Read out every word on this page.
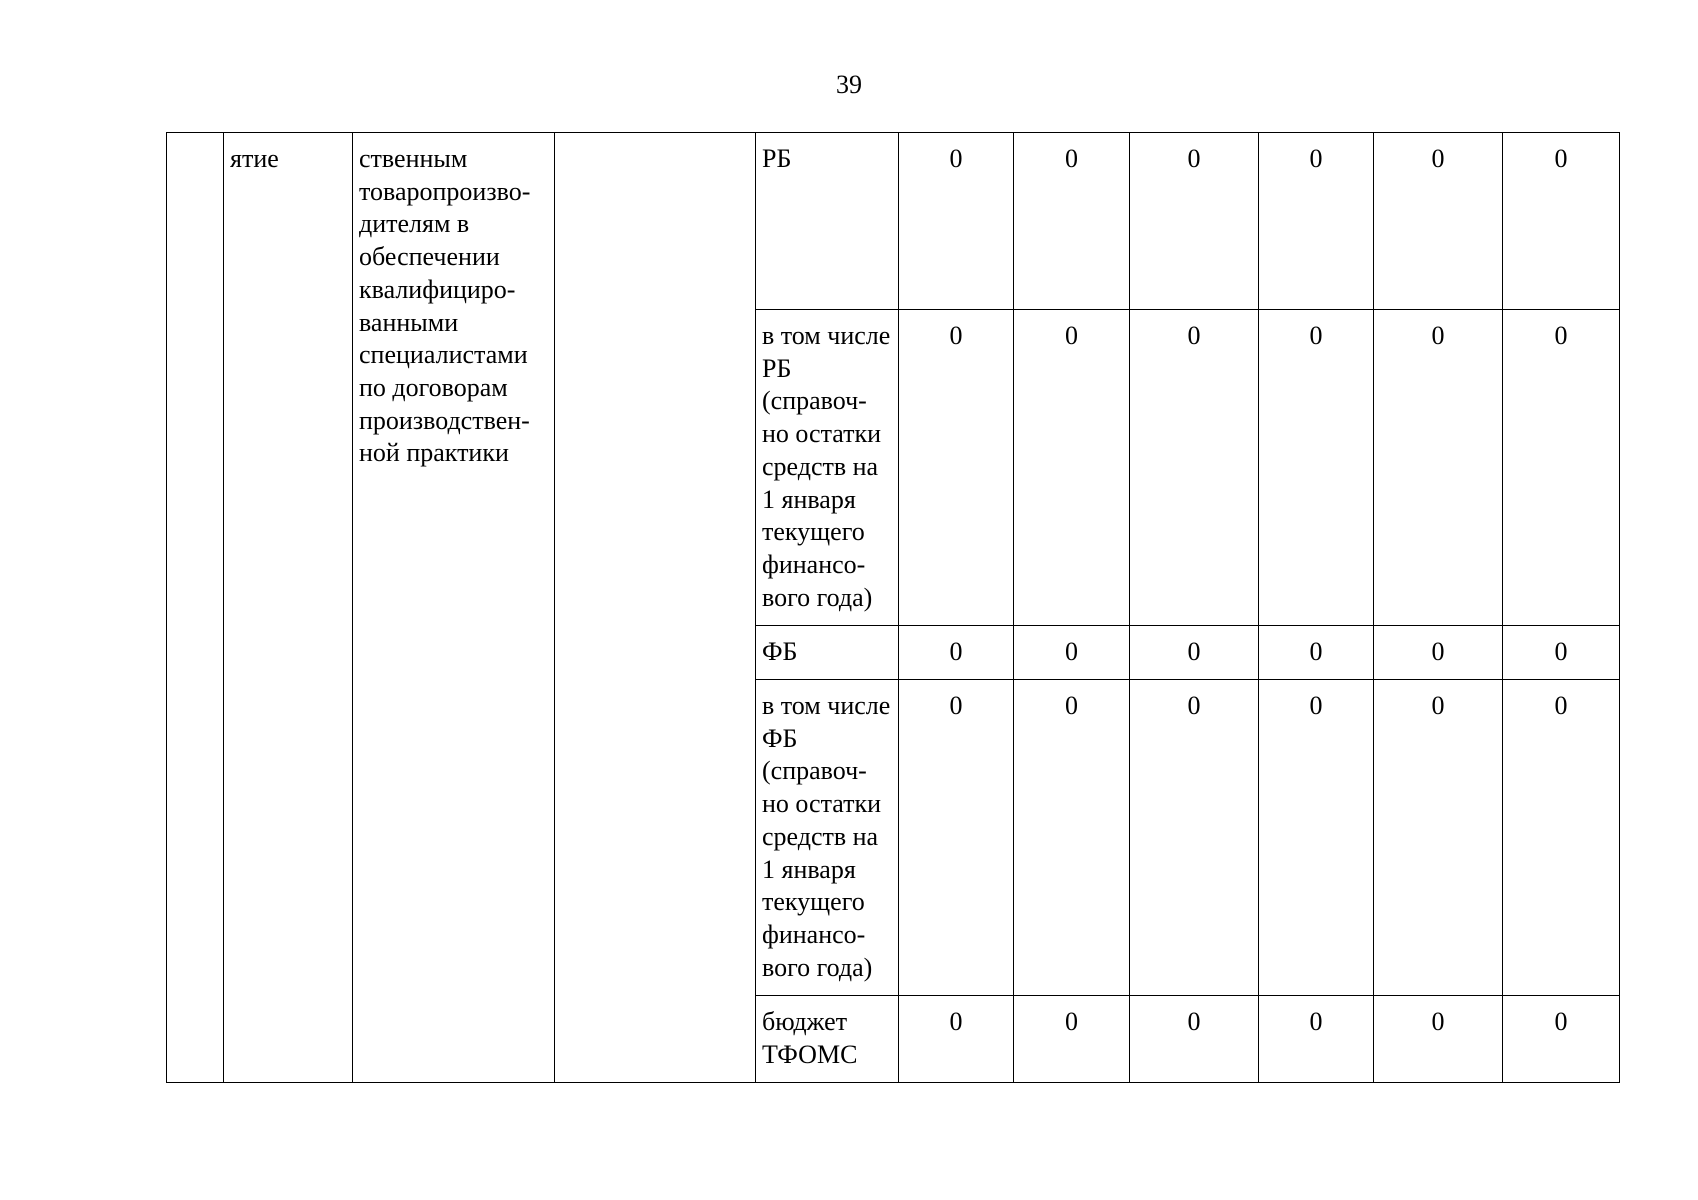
39
	ятие	ственным товаропроизво-дителям в обеспечении квалифициро-ванными специалистами по договорам производствен-ной практики		РБ	0	0	0	0	0	0
				в том числе РБ (справоч-но остатки средств на 1 января текущего финансо-вого года)	0	0	0	0	0	0
				ФБ	0	0	0	0	0	0
				в том числе ФБ (справоч-но остатки средств на 1 января текущего финансо-вого года)	0	0	0	0	0	0
				бюджет ТФОМС	0	0	0	0	0	0
